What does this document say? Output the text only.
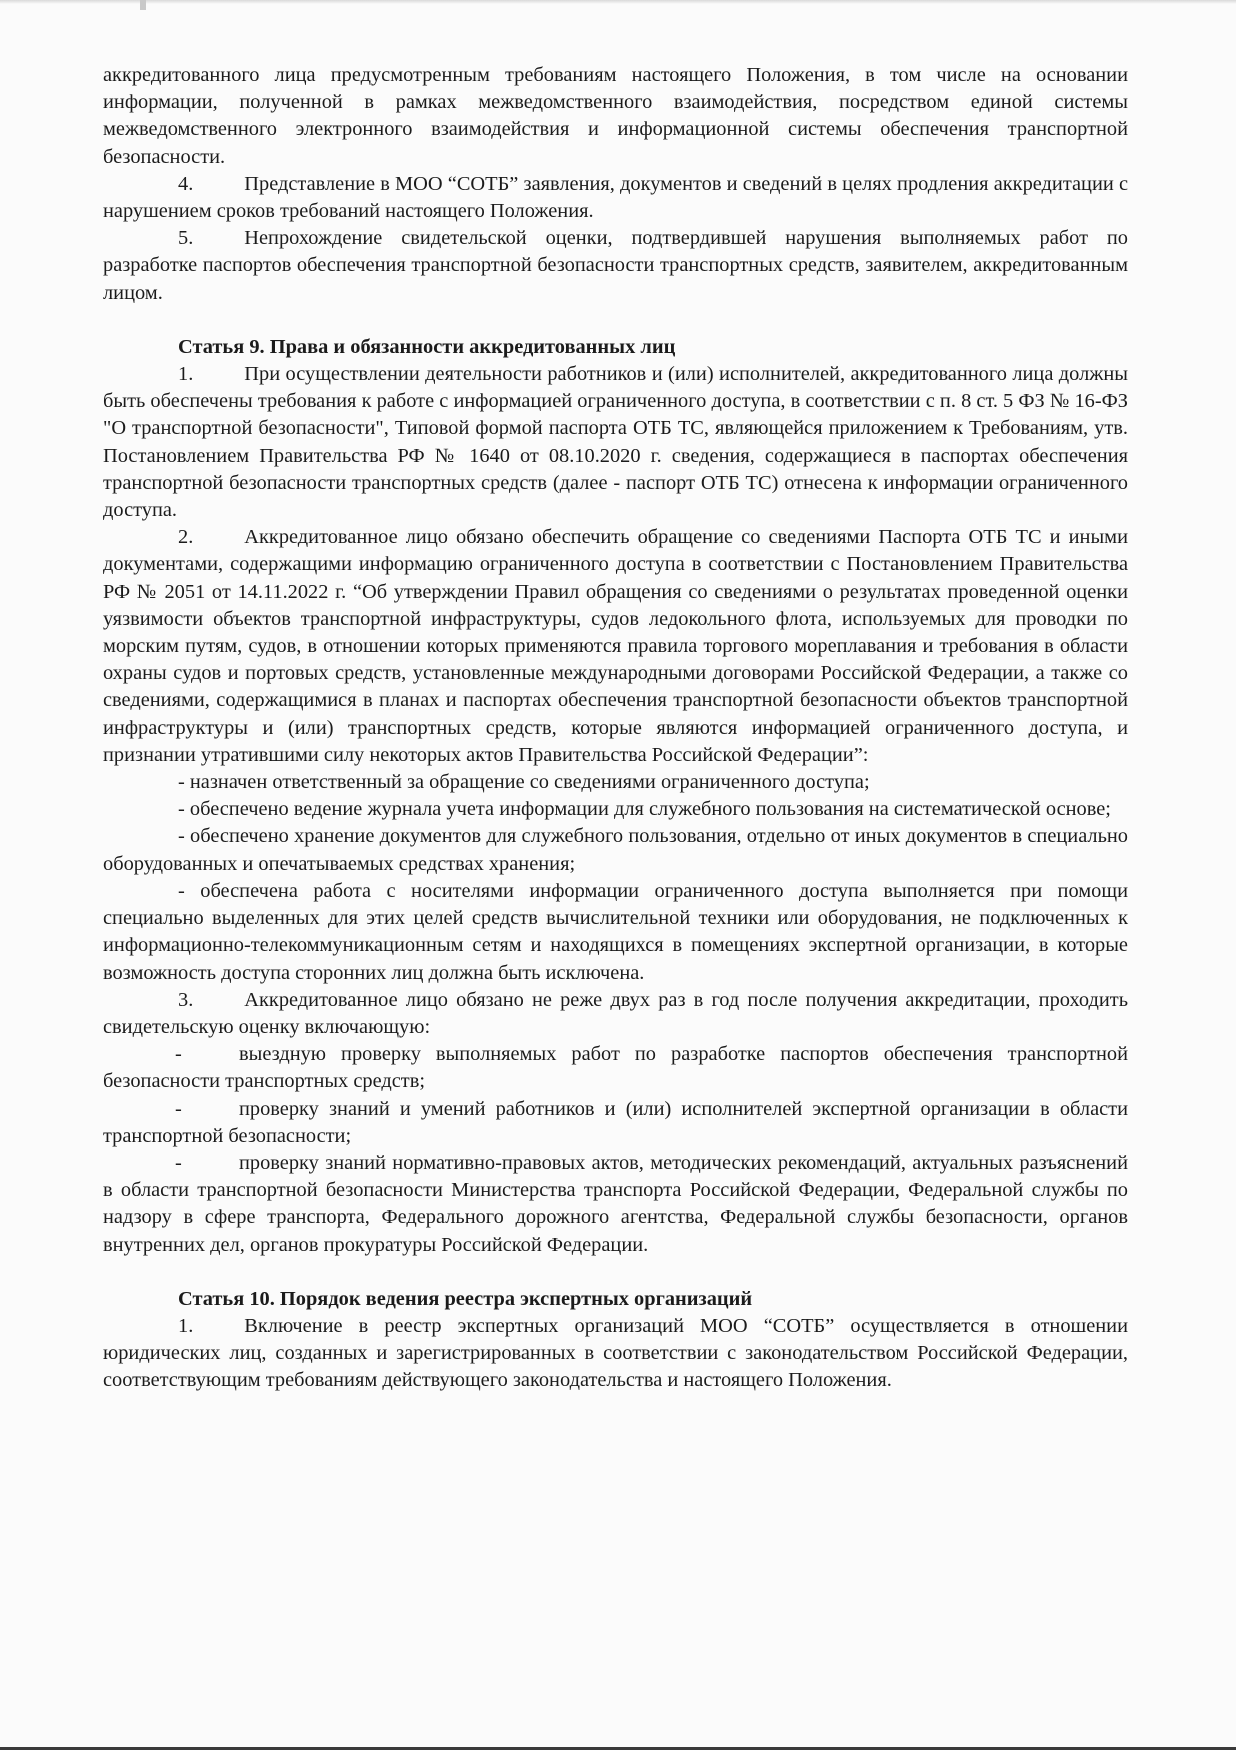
аккредитованного лица предусмотренным требованиям настоящего Положения, в том числе на основании информации, полученной в рамках межведомственного взаимодействия, посредством единой системы межведомственного электронного взаимодействия и информационной системы обеспечения транспортной безопасности.

4.    Представление в МОО “СОТБ” заявления, документов и сведений в целях продления аккредитации с нарушением сроков требований настоящего Положения.

5.    Непрохождение свидетельской оценки, подтвердившей нарушения выполняемых работ по разработке паспортов обеспечения транспортной безопасности транспортных средств, заявителем, аккредитованным лицом.

Статья 9. Права и обязанности аккредитованных лиц

1.    При осуществлении деятельности работников и (или) исполнителей, аккредитованного лица должны быть обеспечены требования к работе с информацией ограниченного доступа, в соответствии с п. 8 ст. 5 ФЗ № 16-ФЗ "О транспортной безопасности", Типовой формой паспорта ОТБ ТС, являющейся приложением к Требованиям, утв. Постановлением Правительства РФ № 1640 от 08.10.2020 г. сведения, содержащиеся в паспортах обеспечения транспортной безопасности транспортных средств (далее - паспорт ОТБ ТС) отнесена к информации ограниченного доступа.

2.    Аккредитованное лицо обязано обеспечить обращение со сведениями Паспорта ОТБ ТС и иными документами, содержащими информацию ограниченного доступа в соответствии с Постановлением Правительства РФ № 2051 от 14.11.2022 г. “Об утверждении Правил обращения со сведениями о результатах проведенной оценки уязвимости объектов транспортной инфраструктуры, судов ледокольного флота, используемых для проводки по морским путям, судов, в отношении которых применяются правила торгового мореплавания и требования в области охраны судов и портовых средств, установленные международными договорами Российской Федерации, а также со сведениями, содержащимися в планах и паспортах обеспечения транспортной безопасности объектов транспортной инфраструктуры и (или) транспортных средств, которые являются информацией ограниченного доступа, и признании утратившими силу некоторых актов Правительства Российской Федерации”:

- назначен ответственный за обращение со сведениями ограниченного доступа;

- обеспечено ведение журнала учета информации для служебного пользования на систематической основе;

- обеспечено хранение документов для служебного пользования, отдельно от иных документов в специально оборудованных и опечатываемых средствах хранения;

- обеспечена работа с носителями информации ограниченного доступа выполняется при помощи специально выделенных для этих целей средств вычислительной техники или оборудования, не подключенных к информационно-телекоммуникационным сетям и находящихся в помещениях экспертной организации, в которые возможность доступа сторонних лиц должна быть исключена.

3.    Аккредитованное лицо обязано не реже двух раз в год после получения аккредитации, проходить свидетельскую оценку включающую:

-	выездную проверку выполняемых работ по разработке паспортов обеспечения транспортной безопасности транспортных средств;

-	проверку знаний и умений работников и (или) исполнителей экспертной организации в области транспортной безопасности;

-	проверку знаний нормативно-правовых актов, методических рекомендаций, актуальных разъяснений в области транспортной безопасности Министерства транспорта Российской Федерации, Федеральной службы по надзору в сфере транспорта, Федерального дорожного агентства, Федеральной службы безопасности, органов внутренних дел, органов прокуратуры Российской Федерации.

Статья 10. Порядок ведения реестра экспертных организаций

1.    Включение в реестр экспертных организаций МОО “СОТБ” осуществляется в отношении юридических лиц, созданных и зарегистрированных в соответствии с законодательством Российской Федерации, соответствующим требованиям действующего законодательства и настоящего Положения.
